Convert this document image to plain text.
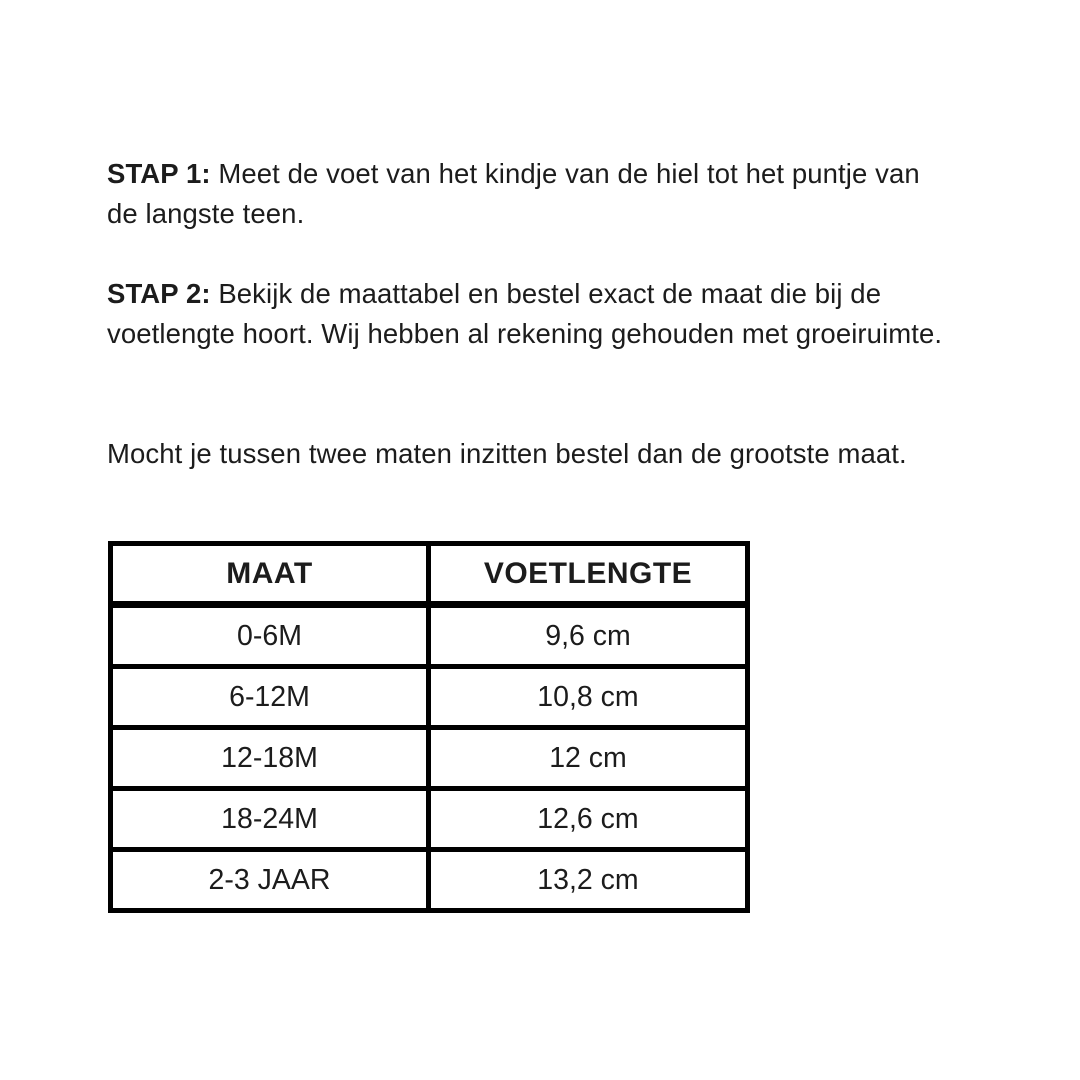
STAP 1: Meet de voet van het kindje van de hiel tot het puntje van de langste teen.

STAP 2: Bekijk de maattabel en bestel exact de maat die bij de voetlengte hoort. Wij hebben al rekening gehouden met groeiruimte.

Mocht je tussen twee maten inzitten bestel dan de grootste maat.

MAAT	VOETLENGTE
0-6M	9,6 cm
6-12M	10,8 cm
12-18M	12 cm
18-24M	12,6 cm
2-3 JAAR	13,2 cm
